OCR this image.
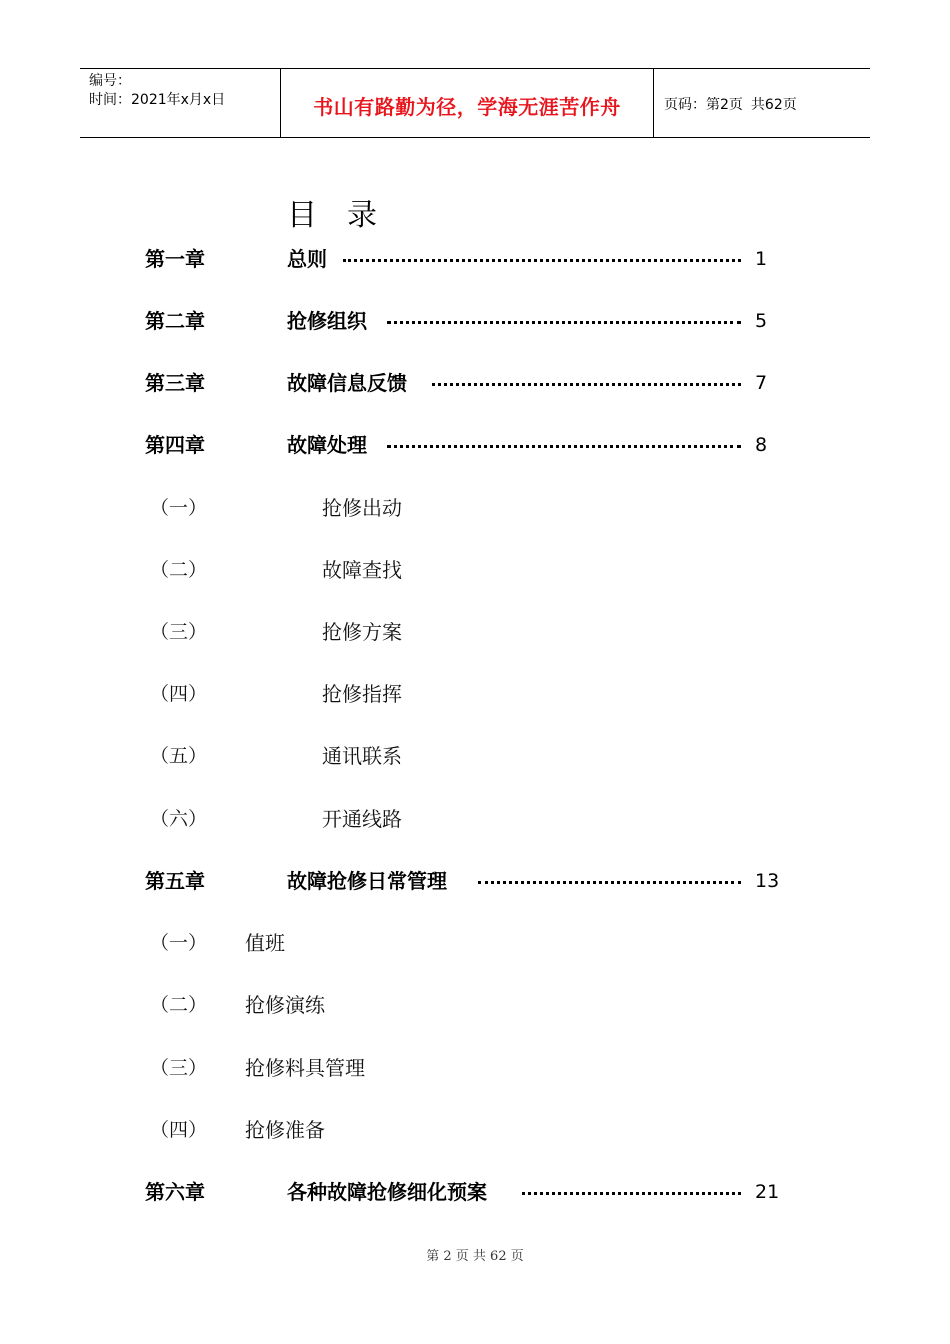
编号：
时间：2021年x月x日	书山有路勤为径，学海无涯苦作舟	页码：第2页 共62页
目录
第一章	总则	1
第二章	抢修组织	5
第三章	故障信息反馈	7
第四章	故障处理	8
（一）	抢修出动
（二）	故障查找
（三）	抢修方案
（四）	抢修指挥
（五）	通讯联系
（六）	开通线路
第五章	故障抢修日常管理	13
（一） 值班
（二） 抢修演练
（三） 抢修料具管理
（四） 抢修准备
第六章	各种故障抢修细化预案	21
第 2 页 共 62 页
